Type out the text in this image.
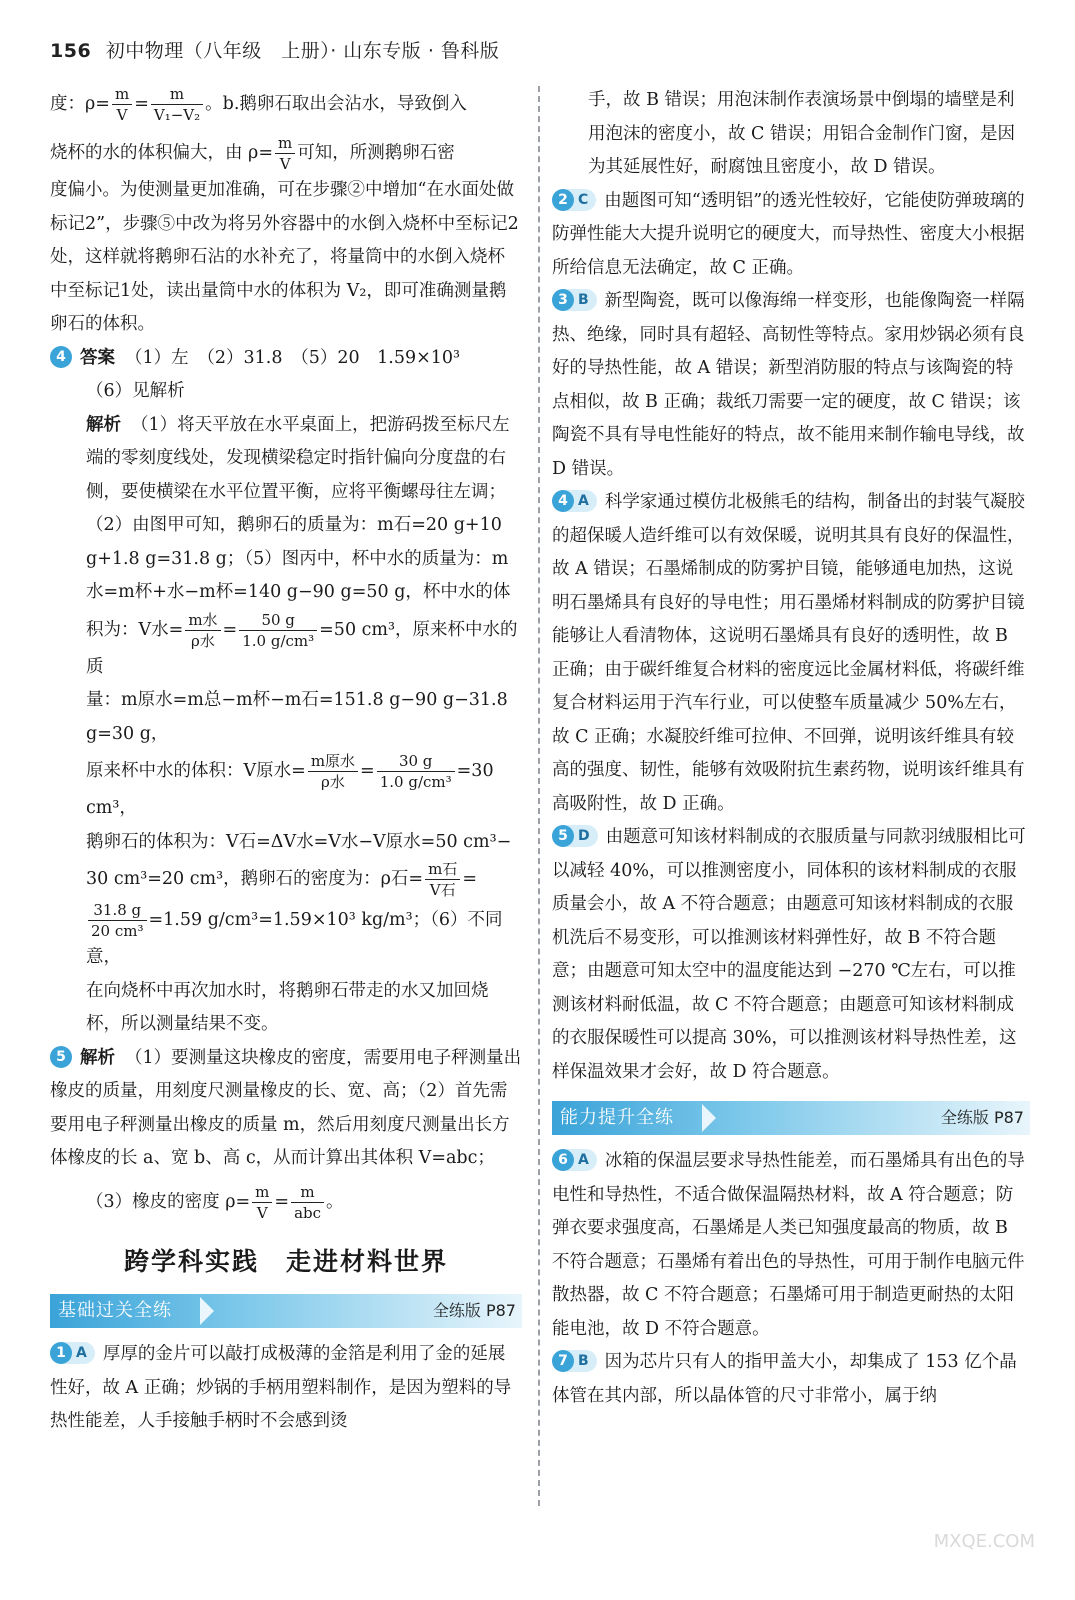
156 初中物理（八年级　上册）· 山东专版 · 鲁科版

度：$\rho= \frac{m}{V} = \frac{m}{\text{V₁−V₂}}$ 。b.鹅卵石取出会沾水，导致倒入

烧杯的水的体积偏大，由 $\rho= \frac{m}{V}$ 可知，所测鹅卵石密

度偏小。为使测量更加准确，可在步骤②中增加“在水面处做标记2”，步骤⑤中改为将另外容器中的水倒入烧杯中至标记2处，这样就将鹅卵石沾的水补充了，将量筒中的水倒入烧杯中至标记1处，读出量筒中水的体积为 V₂，即可准确测量鹅卵石的体积。

4 答案 （1）左　（2）31.8　（5）20　1.59×10³

（6）见解析

解析 （1）将天平放在水平桌面上，把游码拨至标尺左端的零刻度线处，发现横梁稳定时指针偏向分度盘的右侧，要使横梁在水平位置平衡，应将平衡螺母往左调；（2）由图甲可知，鹅卵石的质量为：m石=20 g+10 g+1.8 g=31.8 g；（5）图丙中，杯中水的质量为：m水=m杯+水−m杯=140 g−90 g=50 g，杯中水的体

积为：V水= $\frac{\text{m水}}{\text{ρ水}} = \frac{50 g}{\text{1.0 g/cm³}} =50$ cm³，原来杯中水的质

量：m原水=m总−m杯−m石=151.8 g−90 g−31.8 g=30 g，

原来杯中水的体积：V原水= $\frac{\text{m原水}}{\text{ρ水}} = \frac{30 g}{\text{1.0 g/cm³}} =30$ cm³，

鹅卵石的体积为：V石=ΔV水=V水−V原水=50 cm³−

30 cm³=20 cm³，鹅卵石的密度为：ρ石= $\frac{\text{m石}}{\text{V石}}$ =

$\frac{31.8 g}{\text{20 cm³}} =1.59$ g/cm³=1.59×10³ kg/m³；（6）不同意，

在向烧杯中再次加水时，将鹅卵石带走的水又加回烧杯，所以测量结果不变。

5 解析 （1）要测量这块橡皮的密度，需要用电子秤测量出橡皮的质量，用刻度尺测量橡皮的长、宽、高；（2）首先需要用电子秤测量出橡皮的质量 m，然后用刻度尺测量出长方体橡皮的长 a、宽 b、高 c，从而计算出其体积 V=abc；

（3）橡皮的密度 $\rho= \frac{m}{V} = \frac{m}{\text{abc}}$ 。

跨学科实践　走进材料世界
基础过关全练	全练版 P87

1 A 厚厚的金片可以敲打成极薄的金箔是利用了金的延展性好，故 A 正确；炒锅的手柄用塑料制作，是因为塑料的导热性能差，人手接触手柄时不会感到烫

手，故 B 错误；用泡沫制作表演场景中倒塌的墙壁是利用泡沫的密度小，故 C 错误；用铝合金制作门窗，是因为其延展性好，耐腐蚀且密度小，故 D 错误。

2 C 由题图可知“透明铝”的透光性较好，它能使防弹玻璃的防弹性能大大提升说明它的硬度大，而导热性、密度大小根据所给信息无法确定，故 C 正确。

3 B 新型陶瓷，既可以像海绵一样变形，也能像陶瓷一样隔热、绝缘，同时具有超轻、高韧性等特点。家用炒锅必须有良好的导热性能，故 A 错误；新型消防服的特点与该陶瓷的特点相似，故 B 正确；裁纸刀需要一定的硬度，故 C 错误；该陶瓷不具有导电性能好的特点，故不能用来制作输电导线，故 D 错误。

4 A 科学家通过模仿北极熊毛的结构，制备出的封装气凝胶的超保暖人造纤维可以有效保暖，说明其具有良好的保温性，故 A 错误；石墨烯制成的防雾护目镜，能够通电加热，这说明石墨烯具有良好的导电性；用石墨烯材料制成的防雾护目镜能够让人看清物体，这说明石墨烯具有良好的透明性，故 B 正确；由于碳纤维复合材料的密度远比金属材料低，将碳纤维复合材料运用于汽车行业，可以使整车质量减少 50%左右，故 C 正确；水凝胶纤维可拉伸、不回弹，说明该纤维具有较高的强度、韧性，能够有效吸附抗生素药物，说明该纤维具有高吸附性，故 D 正确。

5 D 由题意可知该材料制成的衣服质量与同款羽绒服相比可以减轻 40%，可以推测密度小，同体积的该材料制成的衣服质量会小，故 A 不符合题意；由题意可知该材料制成的衣服机洗后不易变形，可以推测该材料弹性好，故 B 不符合题意；由题意可知太空中的温度能达到 −270 ℃左右，可以推测该材料耐低温，故 C 不符合题意；由题意可知该材料制成的衣服保暖性可以提高 30%，可以推测该材料导热性差，这样保温效果才会好，故 D 符合题意。

能力提升全练	全练版 P87

6 A 冰箱的保温层要求导热性能差，而石墨烯具有出色的导电性和导热性，不适合做保温隔热材料，故 A 符合题意；防弹衣要求强度高，石墨烯是人类已知强度最高的物质，故 B 不符合题意；石墨烯有着出色的导热性，可用于制作电脑元件散热器，故 C 不符合题意；石墨烯可用于制造更耐热的太阳能电池，故 D 不符合题意。

7 B 因为芯片只有人的指甲盖大小，却集成了 153 亿个晶体管在其内部，所以晶体管的尺寸非常小，属于纳

MXQE.COM
